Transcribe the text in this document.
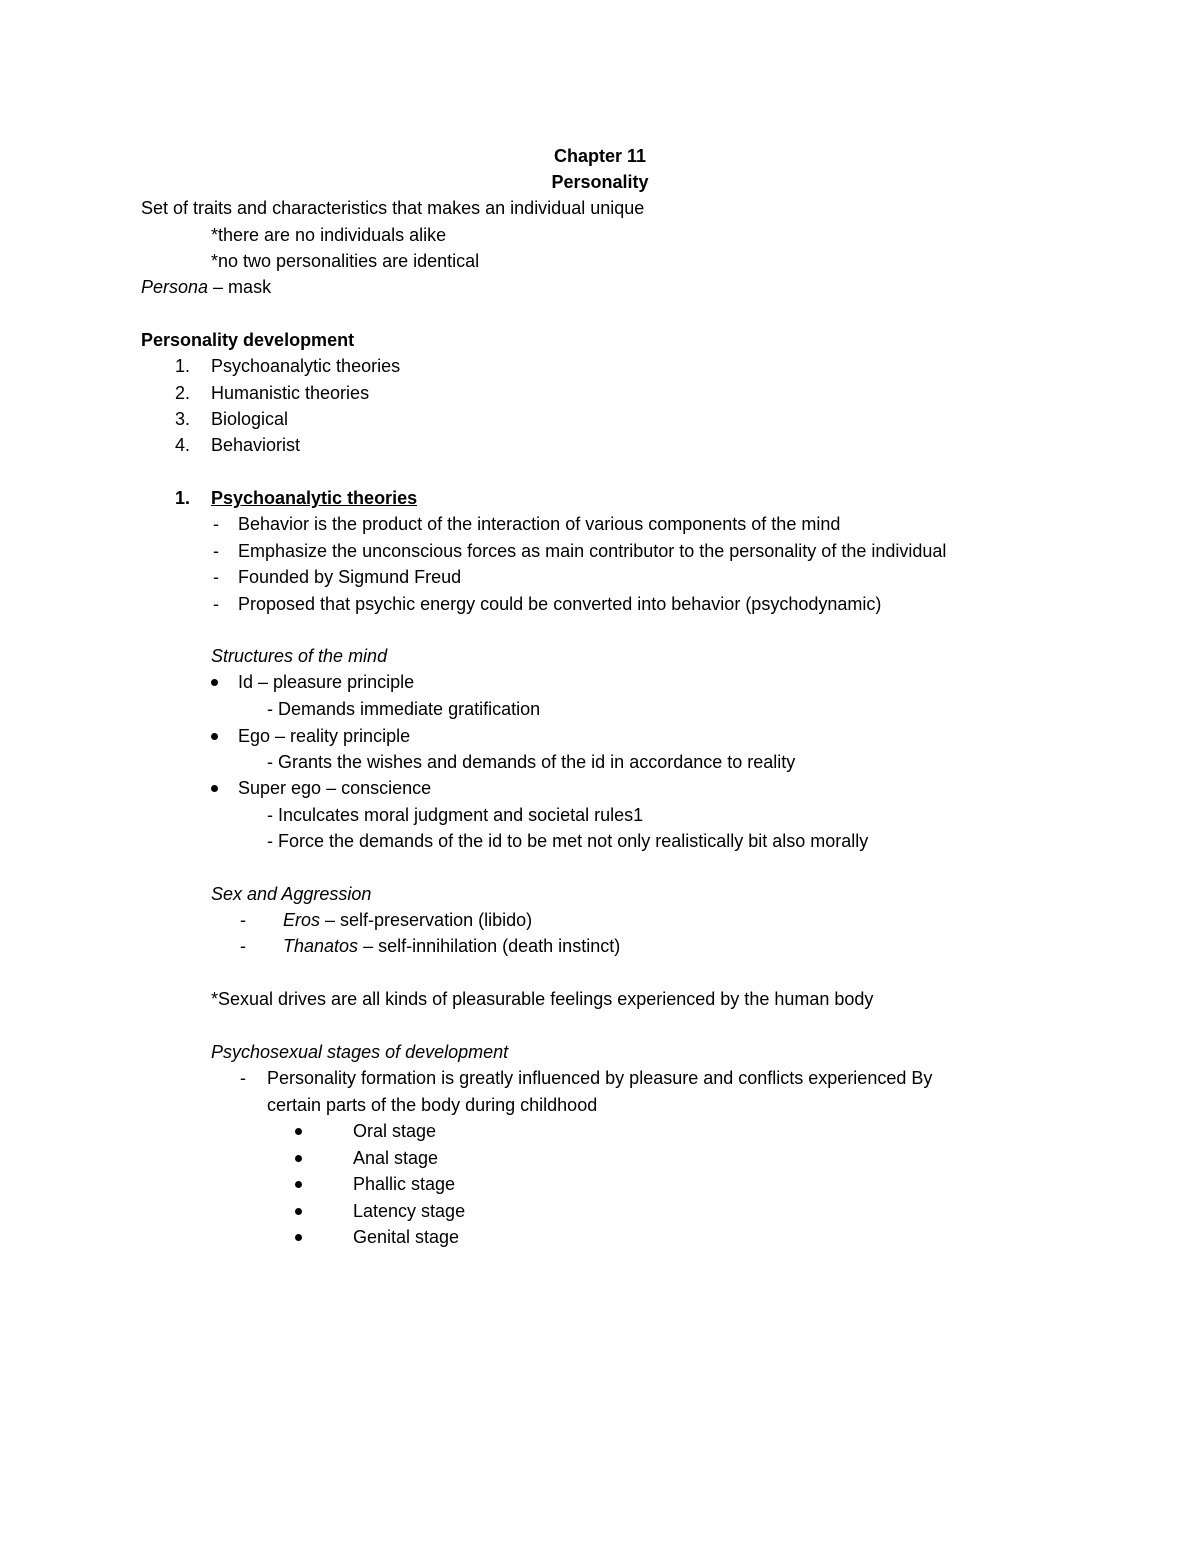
Chapter 11
Personality
Set of traits and characteristics that makes an individual unique
*there are no individuals alike
*no two personalities are identical
Persona – mask
Personality development
1. Psychoanalytic theories
2. Humanistic theories
3. Biological
4. Behaviorist
1. Psychoanalytic theories
- Behavior is the product of the interaction of various components of the mind
- Emphasize the unconscious forces as main contributor to the personality of the individual
- Founded by Sigmund Freud
- Proposed that psychic energy could be converted into behavior (psychodynamic)
Structures of the mind
Id – pleasure principle
- Demands immediate gratification
Ego – reality principle
- Grants the wishes and demands of the id in accordance to reality
Super ego – conscience
- Inculcates moral judgment and societal rules1
- Force the demands of the id to be met not only realistically bit also morally
Sex and Aggression
- Eros – self-preservation (libido)
- Thanatos – self-innihilation (death instinct)
*Sexual drives are all kinds of pleasurable feelings experienced by the human body
Psychosexual stages of development
- Personality formation is greatly influenced by pleasure and conflicts experienced By
certain parts of the body during childhood
Oral stage
Anal stage
Phallic stage
Latency stage
Genital stage
